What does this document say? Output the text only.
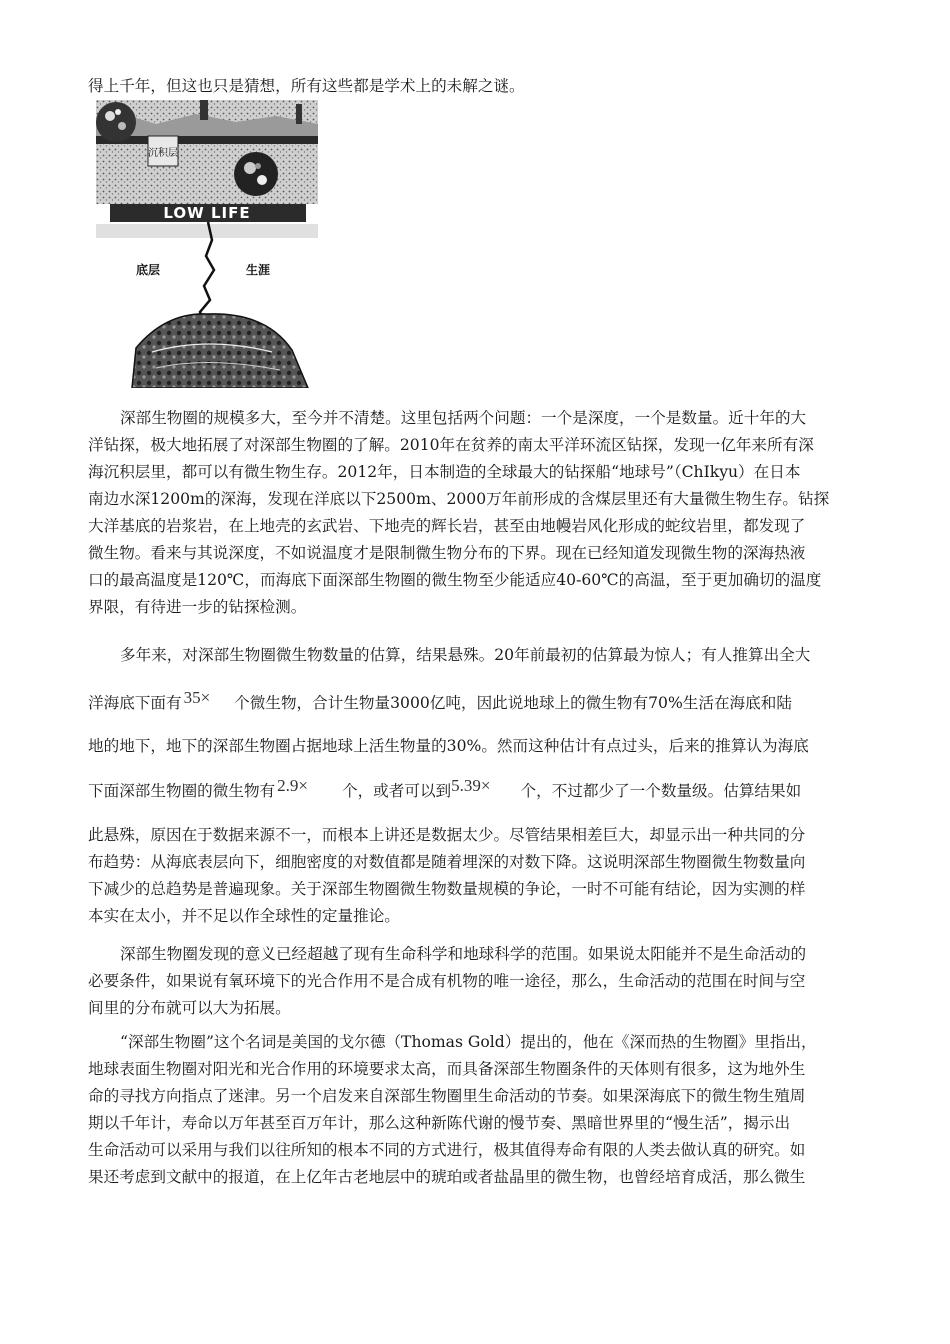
得上千年，但这也只是猜想，所有这些都是学术上的未解之谜。
沉积层
LOW LIFE
底层	生涯
深部生物圈的规模多大，至今并不清楚。这里包括两个问题：一个是深度，一个是数量。近十年的大
洋钻探，极大地拓展了对深部生物圈的了解。2010年在贫养的南太平洋环流区钻探，发现一亿年来所有深
海沉积层里，都可以有微生物生存。2012年，日本制造的全球最大的钻探船“地球号”（ChIkyu）在日本
南边水深1200m的深海，发现在洋底以下2500m、2000万年前形成的含煤层里还有大量微生物生存。钻探
大洋基底的岩浆岩，在上地壳的玄武岩、下地壳的辉长岩，甚至由地幔岩风化形成的蛇纹岩里，都发现了
微生物。看来与其说深度，不如说温度才是限制微生物分布的下界。现在已经知道发现微生物的深海热液
口的最高温度是120℃，而海底下面深部生物圈的微生物至少能适应40-60℃的高温，至于更加确切的温度
界限，有待进一步的钻探检测。
多年来，对深部生物圈微生物数量的估算，结果悬殊。20年前最初的估算最为惊人；有人推算出全大
洋海底下面有 35× 个微生物，合计生物量3000亿吨，因此说地球上的微生物有70%生活在海底和陆
地的地下，地下的深部生物圈占据地球上活生物量的30%。然而这种估计有点过头，后来的推算认为海底
下面深部生物圈的微生物有 2.9× 个，或者可以到5.39× 个，不过都少了一个数量级。估算结果如
此悬殊，原因在于数据来源不一，而根本上讲还是数据太少。尽管结果相差巨大，却显示出一种共同的分
布趋势：从海底表层向下，细胞密度的对数值都是随着埋深的对数下降。这说明深部生物圈微生物数量向
下减少的总趋势是普遍现象。关于深部生物圈微生物数量规模的争论，一时不可能有结论，因为实测的样
本实在太小，并不足以作全球性的定量推论。
深部生物圈发现的意义已经超越了现有生命科学和地球科学的范围。如果说太阳能并不是生命活动的
必要条件，如果说有氧环境下的光合作用不是合成有机物的唯一途径，那么，生命活动的范围在时间与空
间里的分布就可以大为拓展。
“深部生物圈”这个名词是美国的戈尔德（Thomas Gold）提出的，他在《深而热的生物圈》里指出，
地球表面生物圈对阳光和光合作用的环境要求太高，而具备深部生物圈条件的天体则有很多，这为地外生
命的寻找方向指点了迷津。另一个启发来自深部生物圈里生命活动的节奏。如果深海底下的微生物生殖周
期以千年计，寿命以万年甚至百万年计，那么这种新陈代谢的慢节奏、黑暗世界里的“慢生活”，揭示出
生命活动可以采用与我们以往所知的根本不同的方式进行，极其值得寿命有限的人类去做认真的研究。如
果还考虑到文献中的报道，在上亿年古老地层中的琥珀或者盐晶里的微生物，也曾经培育成活，那么微生
